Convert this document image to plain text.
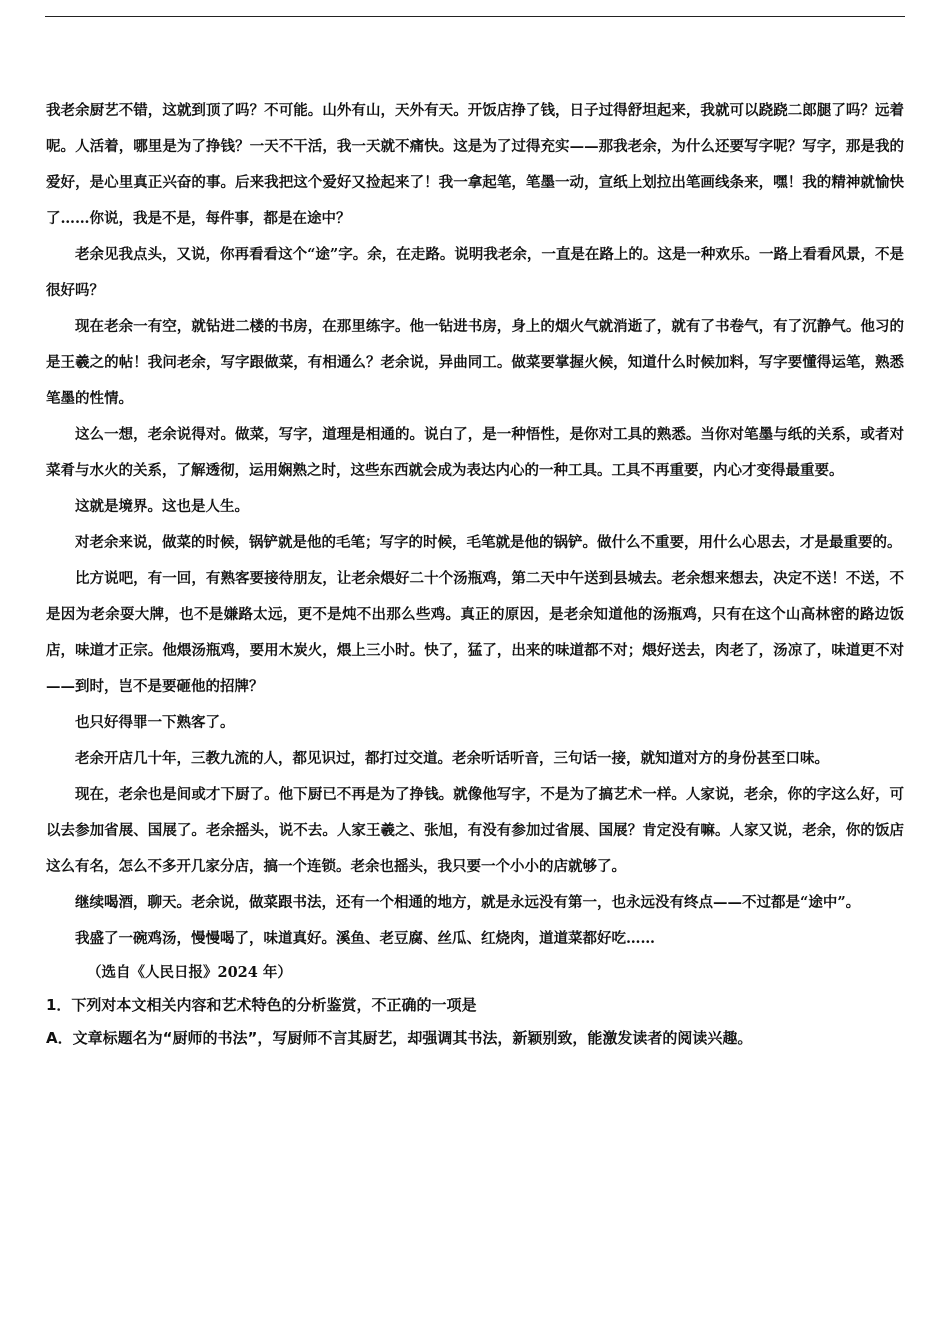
我老余厨艺不错，这就到顶了吗？不可能。山外有山，天外有天。开饭店挣了钱，日子过得舒坦起来，我就可以跷跷二郎腿了吗？远着呢。人活着，哪里是为了挣钱？一天不干活，我一天就不痛快。这是为了过得充实——那我老余，为什么还要写字呢？写字，那是我的爱好，是心里真正兴奋的事。后来我把这个爱好又捡起来了！我一拿起笔，笔墨一动，宣纸上划拉出笔画线条来，嘿！我的精神就愉快了……你说，我是不是，每件事，都是在途中？

老余见我点头，又说，你再看看这个“途”字。余，在走路。说明我老余，一直是在路上的。这是一种欢乐。一路上看看风景，不是很好吗？

现在老余一有空，就钻进二楼的书房，在那里练字。他一钻进书房，身上的烟火气就消逝了，就有了书卷气，有了沉静气。他习的是王羲之的帖！我问老余，写字跟做菜，有相通么？老余说，异曲同工。做菜要掌握火候，知道什么时候加料，写字要懂得运笔，熟悉笔墨的性情。

这么一想，老余说得对。做菜，写字，道理是相通的。说白了，是一种悟性，是你对工具的熟悉。当你对笔墨与纸的关系，或者对菜肴与水火的关系，了解透彻，运用娴熟之时，这些东西就会成为表达内心的一种工具。工具不再重要，内心才变得最重要。

这就是境界。这也是人生。

对老余来说，做菜的时候，锅铲就是他的毛笔；写字的时候，毛笔就是他的锅铲。做什么不重要，用什么心思去，才是最重要的。

比方说吧，有一回，有熟客要接待朋友，让老余煨好二十个汤瓶鸡，第二天中午送到县城去。老余想来想去，决定不送！不送，不是因为老余耍大牌，也不是嫌路太远，更不是炖不出那么些鸡。真正的原因，是老余知道他的汤瓶鸡，只有在这个山高林密的路边饭店，味道才正宗。他煨汤瓶鸡，要用木炭火，煨上三小时。快了，猛了，出来的味道都不对；煨好送去，肉老了，汤凉了，味道更不对——到时，岂不是要砸他的招牌？

也只好得罪一下熟客了。

老余开店几十年，三教九流的人，都见识过，都打过交道。老余听话听音，三句话一接，就知道对方的身份甚至口味。

现在，老余也是间或才下厨了。他下厨已不再是为了挣钱。就像他写字，不是为了搞艺术一样。人家说，老余，你的字这么好，可以去参加省展、国展了。老余摇头，说不去。人家王羲之、张旭，有没有参加过省展、国展？肯定没有嘛。人家又说，老余，你的饭店这么有名，怎么不多开几家分店，搞一个连锁。老余也摇头，我只要一个小小的店就够了。

继续喝酒，聊天。老余说，做菜跟书法，还有一个相通的地方，就是永远没有第一，也永远没有终点——不过都是“途中”。

我盛了一碗鸡汤，慢慢喝了，味道真好。溪鱼、老豆腐、丝瓜、红烧肉，道道菜都好吃……

（选自《人民日报》2024 年）

1．下列对本文相关内容和艺术特色的分析鉴赏，不正确的一项是

A．文章标题名为“厨师的书法”，写厨师不言其厨艺，却强调其书法，新颖别致，能激发读者的阅读兴趣。
